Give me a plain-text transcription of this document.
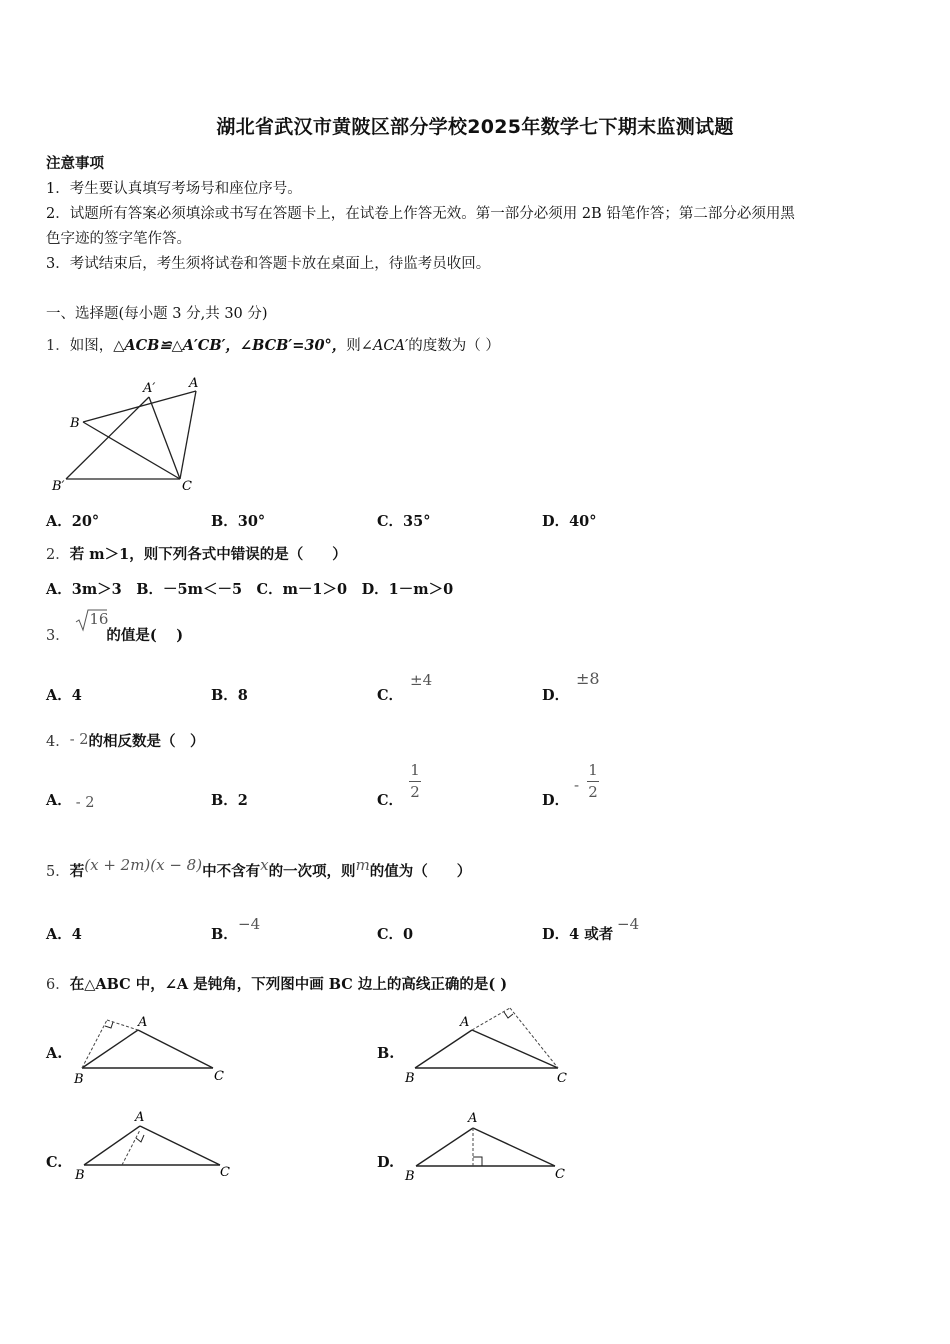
湖北省武汉市黄陂区部分学校2025年数学七下期末监测试题
注意事项
1．考生要认真填写考场号和座位序号。
2．试题所有答案必须填涂或书写在答题卡上，在试卷上作答无效。第一部分必须用 2B 铅笔作答；第二部分必须用黑
色字迹的签字笔作答。
3．考试结束后，考生须将试卷和答题卡放在桌面上，待监考员收回。
一、选择题(每小题 3 分,共 30 分)
1．如图，△ACB≌△A′CB′，∠BCB′=30°，则∠ACA′的度数为（ ）
A′	A
B
B′	C
A．20°	B．30°	C．35°	D．40°
2．若 m＞1，则下列各式中错误的是（　　）
A．3m＞3　B．－5m＜－5　C．m－1＞0　D．1－m＞0
3．
16
的值是(　 )
A．4	B．8	C．
±4
D．
±8
4．- 2的相反数是（　）
A． - 2	B．2	C．
$\frac{1}{2}$
D．
- $\frac{1}{2}$
5．若(x + 2m)(x − 8)中不含有x的一次项，则m的值为（　　）
A．4	B．
−4
C．0	D．4 或者
−4
6．在△ABC 中，∠A 是钝角，下列图中画 BC 边上的高线正确的是( )
A.
A
B	C
B.
A
B	C
C.
A
B	C
D.
A
B	C
